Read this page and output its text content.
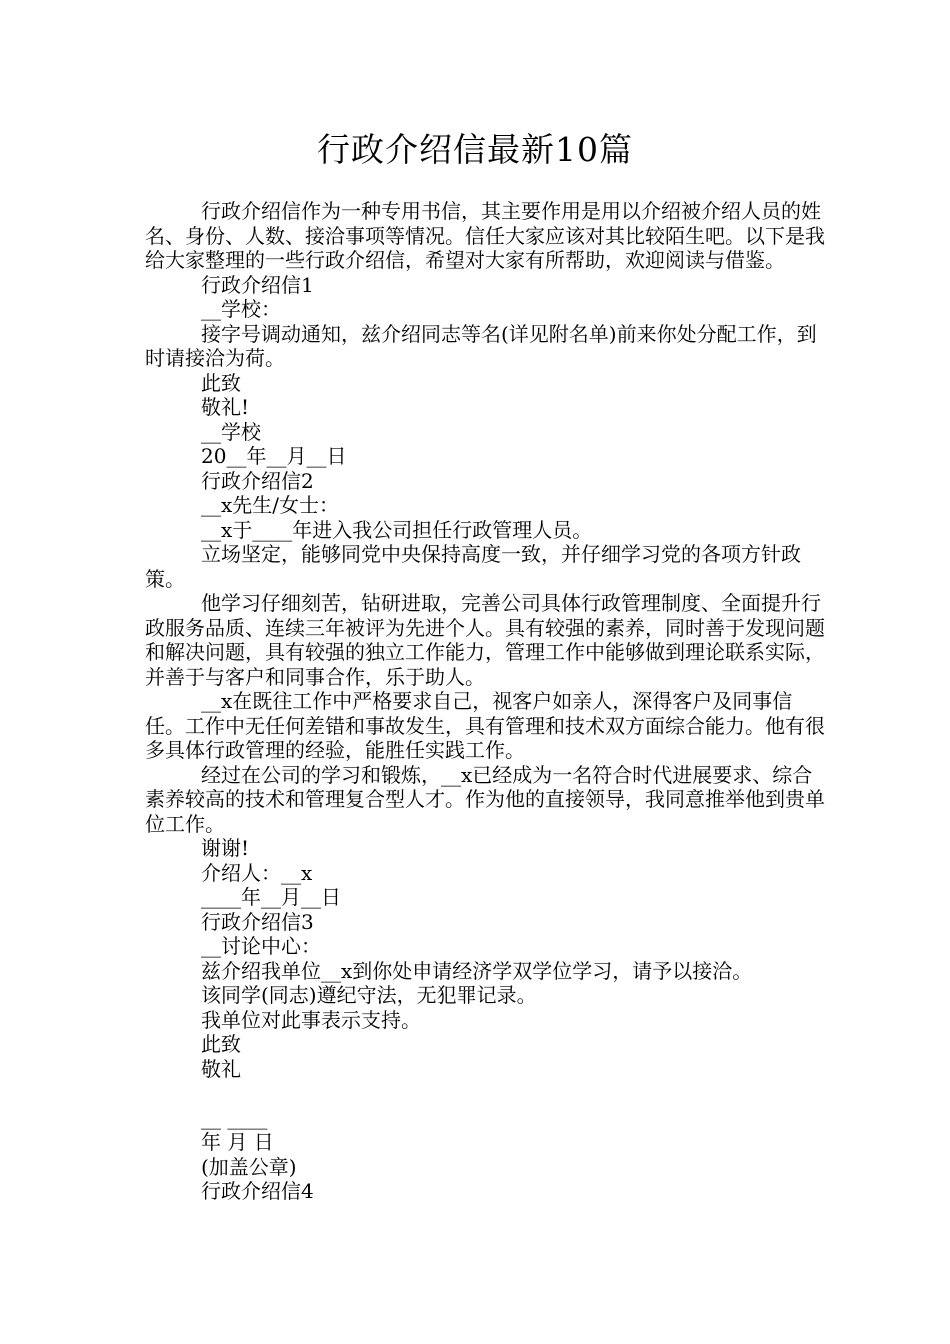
行政介绍信最新10篇

行政介绍信作为一种专用书信，其主要作用是用以介绍被介绍人员的姓名、身份、人数、接洽事项等情况。信任大家应该对其比较陌生吧。以下是我给大家整理的一些行政介绍信，希望对大家有所帮助，欢迎阅读与借鉴。

行政介绍信1

__学校：

接字号调动通知，兹介绍同志等名(详见附名单)前来你处分配工作，到时请接洽为荷。

此致

敬礼!

__学校

20__年__月__日

行政介绍信2

__x先生/女士：

__x于____年进入我公司担任行政管理人员。

立场坚定，能够同党中央保持高度一致，并仔细学习党的各项方针政策。

他学习仔细刻苦，钻研进取，完善公司具体行政管理制度、全面提升行政服务品质、连续三年被评为先进个人。具有较强的素养，同时善于发现问题和解决问题，具有较强的独立工作能力，管理工作中能够做到理论联系实际，并善于与客户和同事合作，乐于助人。

__x在既往工作中严格要求自己，视客户如亲人，深得客户及同事信任。工作中无任何差错和事故发生，具有管理和技术双方面综合能力。他有很多具体行政管理的经验，能胜任实践工作。

经过在公司的学习和锻炼，__x已经成为一名符合时代进展要求、综合素养较高的技术和管理复合型人才。作为他的直接领导，我同意推举他到贵单位工作。

谢谢!

介绍人：__x

____年__月__日

行政介绍信3

__讨论中心：

兹介绍我单位__x到你处申请经济学双学位学习，请予以接洽。

该同学(同志)遵纪守法，无犯罪记录。

我单位对此事表示支持。

此致

敬礼

__ ____

年 月 日

(加盖公章)

行政介绍信4
